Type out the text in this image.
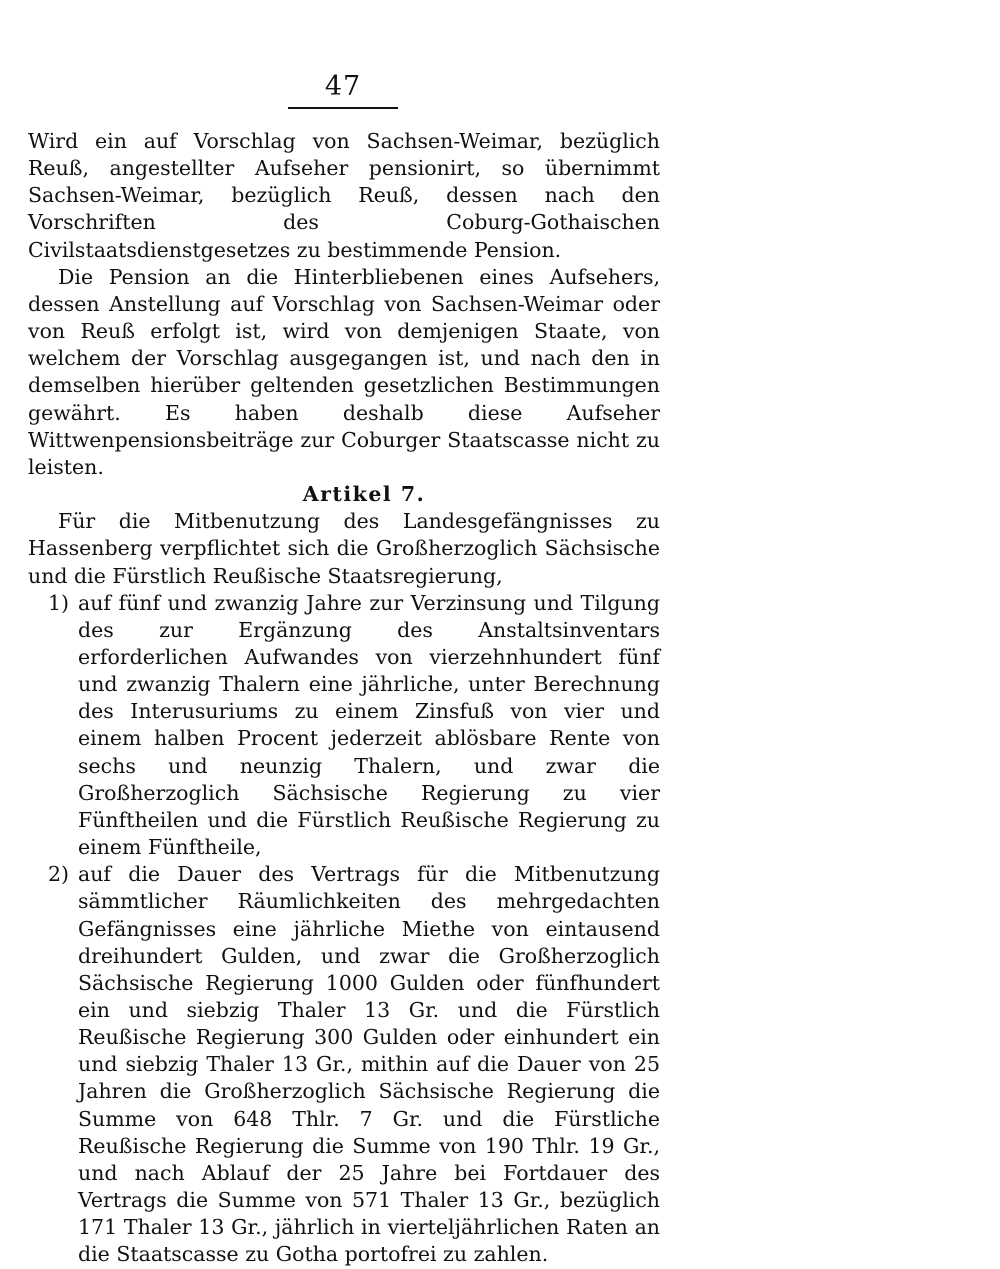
47

Wird ein auf Vorschlag von Sachsen-Weimar, bezüglich Reuß, angestellter Aufseher pensionirt, so übernimmt Sachsen-Weimar, bezüglich Reuß, dessen nach den Vorschriften des Coburg-Gothaischen Civilstaatsdienstgesetzes zu bestimmende Pension.

Die Pension an die Hinterbliebenen eines Aufsehers, dessen Anstellung auf Vorschlag von Sachsen-Weimar oder von Reuß erfolgt ist, wird von demjenigen Staate, von welchem der Vorschlag ausgegangen ist, und nach den in demselben hierüber geltenden gesetzlichen Bestimmungen gewährt. Es haben deshalb diese Aufseher Wittwenpensionsbeiträge zur Coburger Staatscasse nicht zu leisten.

Artikel 7.

Für die Mitbenutzung des Landesgefängnisses zu Hassenberg verpflichtet sich die Großherzoglich Sächsische und die Fürstlich Reußische Staatsregierung,

1) auf fünf und zwanzig Jahre zur Verzinsung und Tilgung des zur Ergänzung des Anstaltsinventars erforderlichen Aufwandes von vierzehnhundert fünf und zwanzig Thalern eine jährliche, unter Berechnung des Interusuriums zu einem Zinsfuß von vier und einem halben Procent jederzeit ablösbare Rente von sechs und neunzig Thalern, und zwar die Großherzoglich Sächsische Regierung zu vier Fünftheilen und die Fürstlich Reußische Regierung zu einem Fünftheile,
2) auf die Dauer des Vertrags für die Mitbenutzung sämmtlicher Räumlichkeiten des mehrgedachten Gefängnisses eine jährliche Miethe von eintausend dreihundert Gulden, und zwar die Großherzoglich Sächsische Regierung 1000 Gulden oder fünfhundert ein und siebzig Thaler 13 Gr. und die Fürstlich Reußische Regierung 300 Gulden oder einhundert ein und siebzig Thaler 13 Gr., mithin auf die Dauer von 25 Jahren die Großherzoglich Sächsische Regierung die Summe von 648 Thlr. 7 Gr. und die Fürstliche Reußische Regierung die Summe von 190 Thlr. 19 Gr., und nach Ablauf der 25 Jahre bei Fortdauer des Vertrags die Summe von 571 Thaler 13 Gr., bezüglich 171 Thaler 13 Gr., jährlich in vierteljährlichen Raten an die Staatscasse zu Gotha portofrei zu zahlen.
